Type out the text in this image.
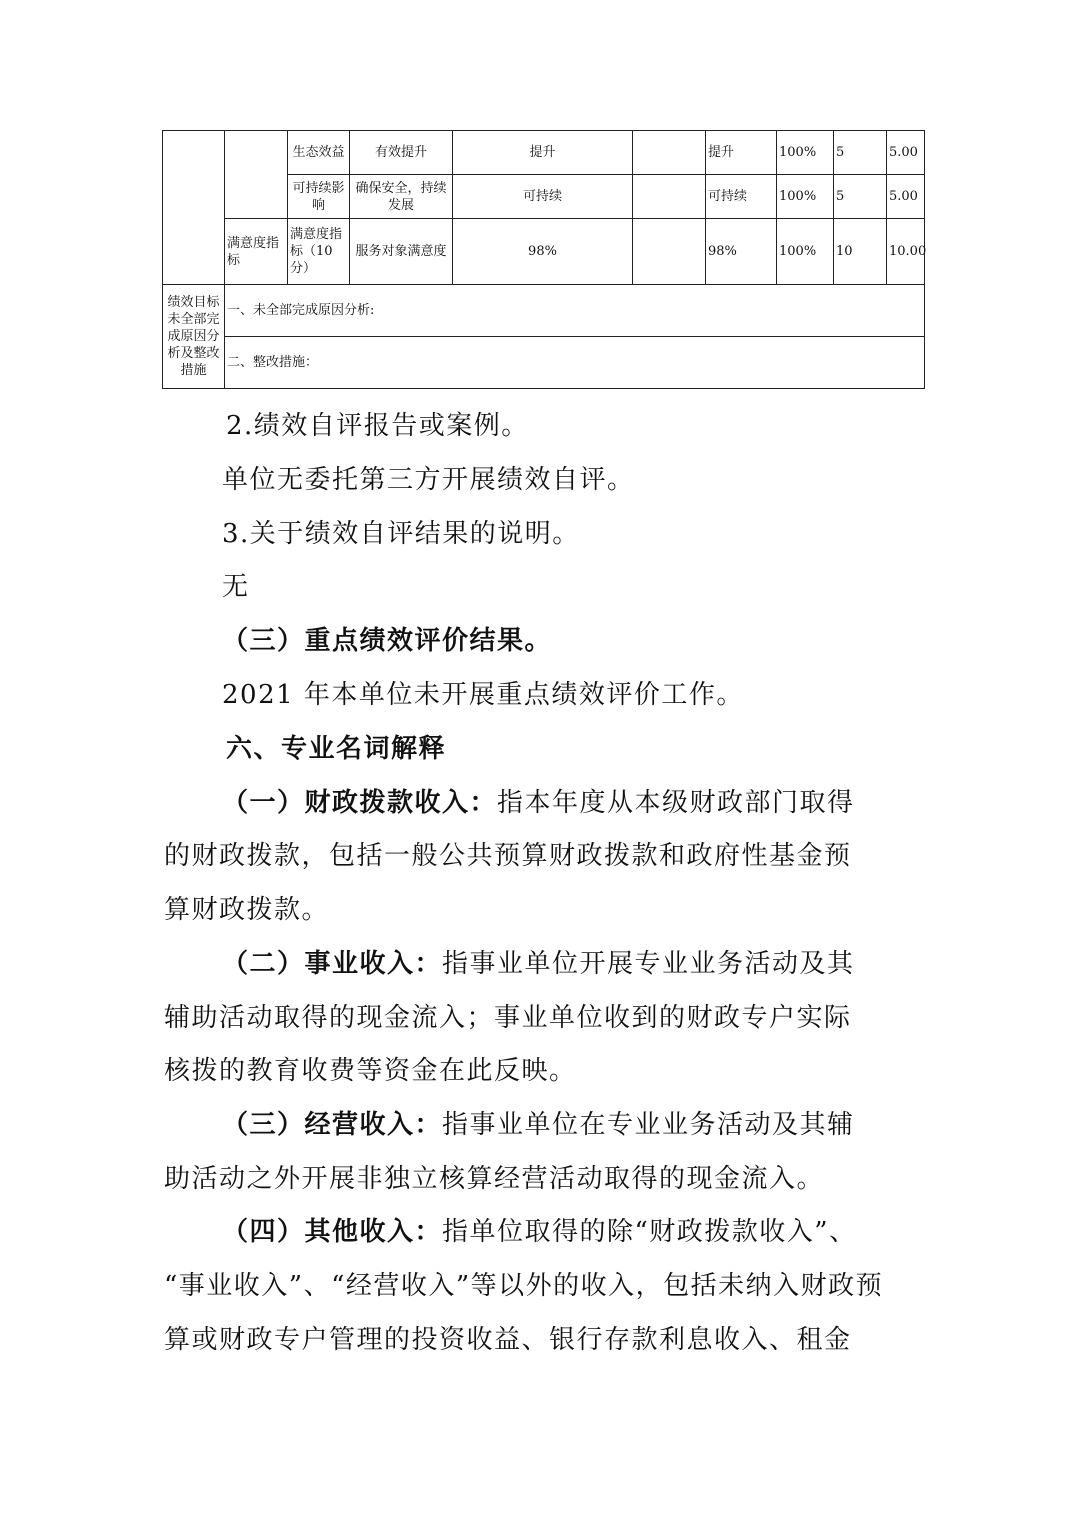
		生态效益	有效提升	提升		提升	100%	5	5.00
		可持续影响	确保安全，持续发展	可持续		可持续	100%	5	5.00
	满意度指标	满意度指标（10分）	服务对象满意度	98%		98%	100%	10	10.00
绩效目标未全部完成原因分析及整改措施	一、未全部完成原因分析:								
	二、整改措施：								

2.绩效自评报告或案例。

单位无委托第三方开展绩效自评。

3.关于绩效自评结果的说明。

无

（三）重点绩效评价结果。

2021 年本单位未开展重点绩效评价工作。

六、专业名词解释

（一）财政拨款收入：指本年度从本级财政部门取得

的财政拨款，包括一般公共预算财政拨款和政府性基金预

算财政拨款。

（二）事业收入：指事业单位开展专业业务活动及其

辅助活动取得的现金流入；事业单位收到的财政专户实际

核拨的教育收费等资金在此反映。

（三）经营收入：指事业单位在专业业务活动及其辅

助活动之外开展非独立核算经营活动取得的现金流入。

（四）其他收入：指单位取得的除“财政拨款收入”、

“事业收入”、“经营收入”等以外的收入，包括未纳入财政预

算或财政专户管理的投资收益、银行存款利息收入、租金
